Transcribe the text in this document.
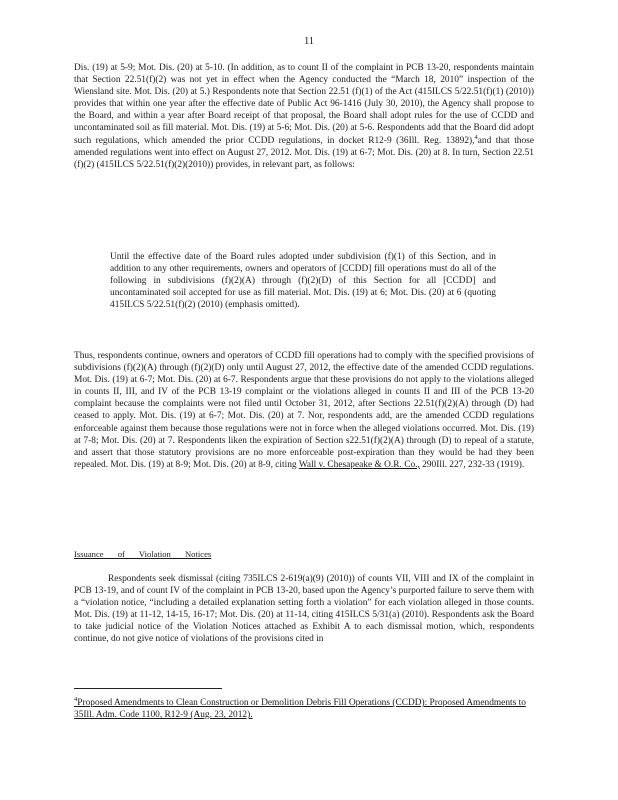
11
Dis. (19) at 5-9; Mot. Dis. (20) at 5-10. (In addition, as to count II of the complaint in PCB 13-20, respondents maintain that Section 22.51(f)(2) was not yet in effect when the Agency conducted the “March 18, 2010” inspection of the Wiensland site. Mot. Dis. (20) at 5.) Respondents note that Section 22.51 (f)(1) of the Act (415ILCS 5/22.51(f)(1) (2010)) provides that within one year after the effective date of Public Act 96-1416 (July 30, 2010), the Agency shall propose to the Board, and within a year after Board receipt of that proposal, the Board shall adopt rules for the use of CCDD and uncontaminated soil as fill material. Mot. Dis. (19) at 5-6; Mot. Dis. (20) at 5-6. Respondents add that the Board did adopt such regulations, which amended the prior CCDD regulations, in docket R12-9 (36Ill. Reg. 13892),$^4$and that those amended regulations went into effect on August 27, 2012. Mot. Dis. (19) at 6-7; Mot. Dis. (20) at 8. In turn, Section 22.51 (f)(2) (415ILCS 5/22.51(f)(2)(2010)) provides, in relevant part, as follows:
Until the effective date of the Board rules adopted under subdivision (f)(1) of this Section, and in addition to any other requirements, owners and operators of [CCDD] fill operations must do all of the following in subdivisions (f)(2)(A) through (f)(2)(D) of this Section for all [CCDD] and uncontaminated soil accepted for use as fill material. Mot. Dis. (19) at 6; Mot. Dis. (20) at 6 (quoting 415ILCS 5/22.51(f)(2) (2010) (emphasis omitted).
Thus, respondents continue, owners and operators of CCDD fill operations had to comply with the specified provisions of subdivisions (f)(2)(A) through (f)(2)(D) only until August 27, 2012, the effective date of the amended CCDD regulations. Mot. Dis. (19) at 6-7; Mot. Dis. (20) at 6-7. Respondents argue that these provisions do not apply to the violations alleged in counts II, III, and IV of the PCB 13-19 complaint or the violations alleged in counts II and III of the PCB 13-20 complaint because the complaints were not filed until October 31, 2012, after Sections 22.51(f)(2)(A) through (D) had ceased to apply. Mot. Dis. (19) at 6-7; Mot. Dis. (20) at 7. Nor, respondents add, are the amended CCDD regulations enforceable against them because those regulations were not in force when the alleged violations occurred. Mot. Dis. (19) at 7-8; Mot. Dis. (20) at 7. Respondents liken the expiration of Section s22.51(f)(2)(A) through (D) to repeal of a statute, and assert that those statutory provisions are no more enforceable post-expiration than they would be had they been repealed. Mot. Dis. (19) at 8-9; Mot. Dis. (20) at 8-9, citing Wall v. Chesapeake & O.R. Co., 290Ill. 227, 232-33 (1919).
Issuance of Violation Notices
Respondents seek dismissal (citing 735ILCS 2-619(a)(9) (2010)) of counts VII, VIII and IX of the complaint in PCB 13-19, and of count IV of the complaint in PCB 13-20, based upon the Agency’s purported failure to serve them with a “violation notice, “including a detailed explanation setting forth a violation” for each violation alleged in those counts. Mot. Dis. (19) at 11-12, 14-15, 16-17; Mot. Dis. (20) at 11-14, citing 415ILCS 5/31(a) (2010). Respondents ask the Board to take judicial notice of the Violation Notices attached as Exhibit A to each dismissal motion, which, respondents continue, do not give notice of violations of the provisions cited in
$^4$Proposed Amendments to Clean Construction or Demolition Debris Fill Operations (CCDD): Proposed Amendments to 35Ill. Adm. Code 1100, R12-9 (Aug. 23, 2012).
